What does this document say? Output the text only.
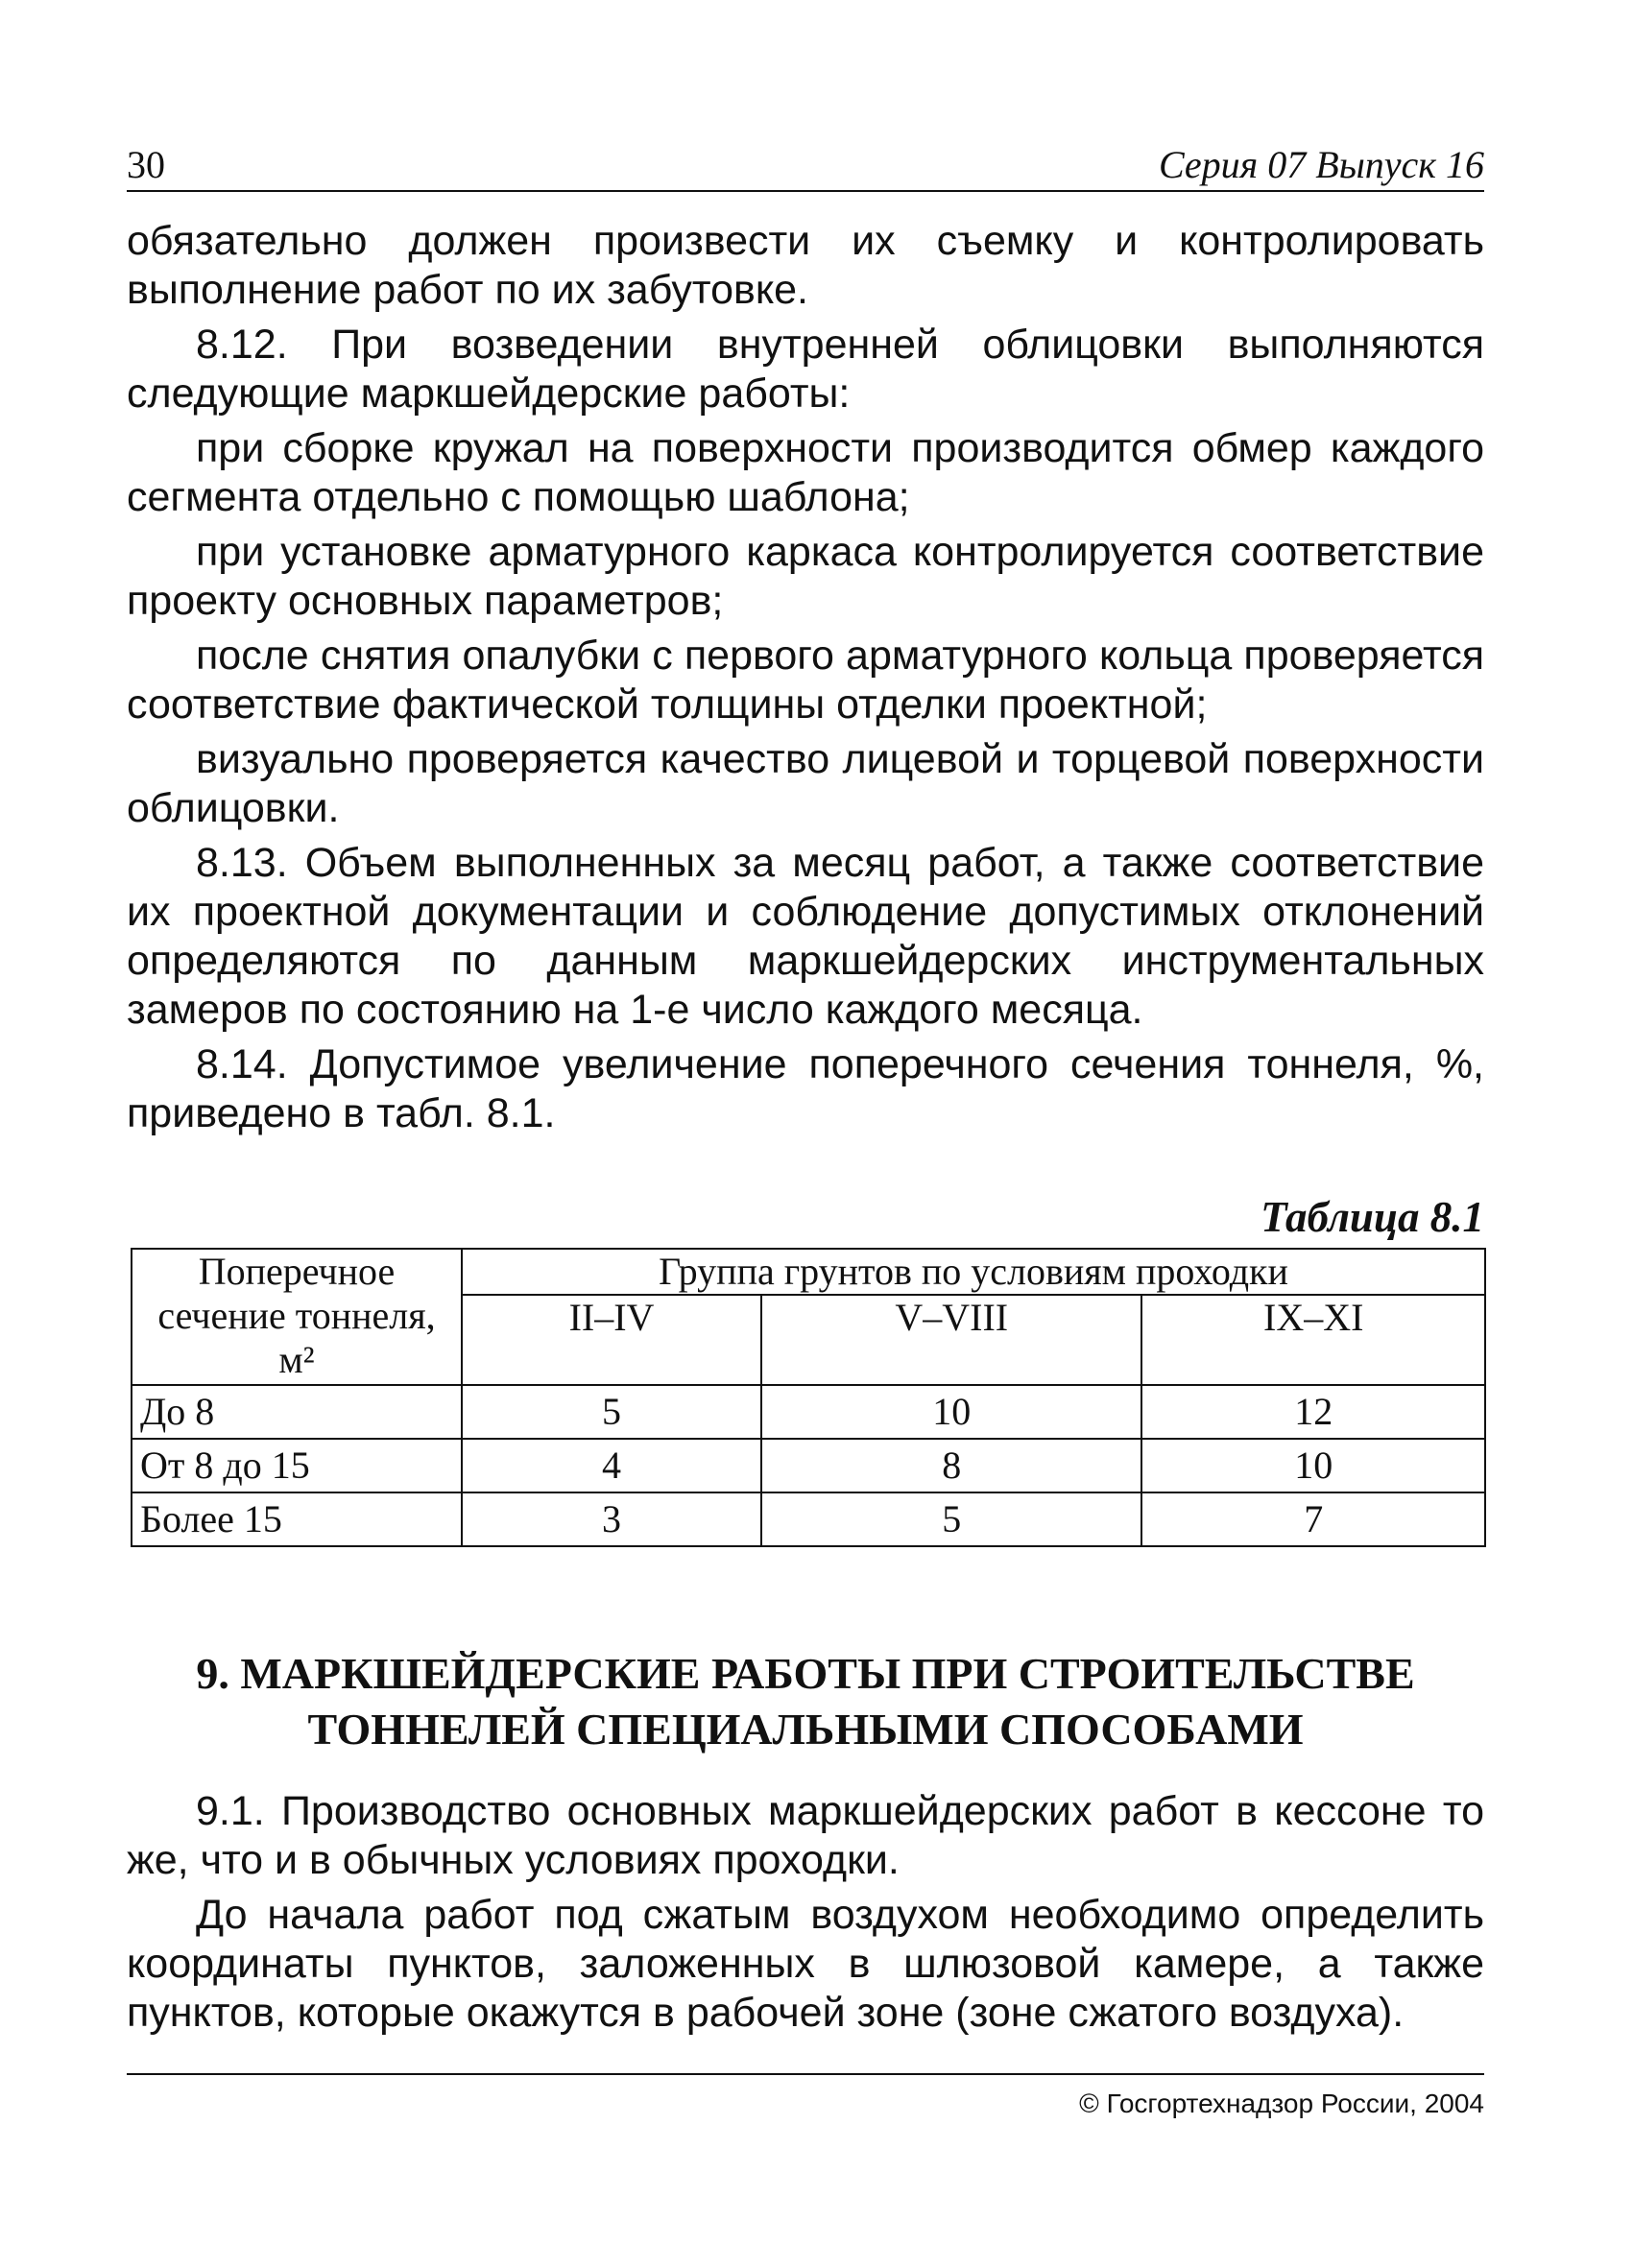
30	Серия 07 Выпуск 16

обязательно должен произвести их съемку и контролировать выполнение работ по их забутовке.

8.12. При возведении внутренней облицовки выполняются следующие маркшейдерские работы:

при сборке кружал на поверхности производится обмер каждого сегмента отдельно с помощью шаблона;

при установке арматурного каркаса контролируется соответствие проекту основных параметров;

после снятия опалубки с первого арматурного кольца проверяется соответствие фактической толщины отделки проектной;

визуально проверяется качество лицевой и торцевой поверхности облицовки.

8.13. Объем выполненных за месяц работ, а также соответствие их проектной документации и соблюдение допустимых отклонений определяются по данным маркшейдерских инструментальных замеров по состоянию на 1-е число каждого месяца.

8.14. Допустимое увеличение поперечного сечения тоннеля, %, приведено в табл. 8.1.

Таблица 8.1
Поперечное сечение тоннеля, м²	Группа грунтов по условиям проходки		
	II–IV	V–VIII	IX–XI
До 8	5	10	12
От 8 до 15	4	8	10
Более 15	3	5	7
9. МАРКШЕЙДЕРСКИЕ РАБОТЫ ПРИ СТРОИТЕЛЬСТВЕ
ТОННЕЛЕЙ СПЕЦИАЛЬНЫМИ СПОСОБАМИ

9.1. Производство основных маркшейдерских работ в кессоне то же, что и в обычных условиях проходки.

До начала работ под сжатым воздухом необходимо определить координаты пунктов, заложенных в шлюзовой камере, а также пунктов, которые окажутся в рабочей зоне (зоне сжатого воздуха).

© Госгортехнадзор России, 2004
